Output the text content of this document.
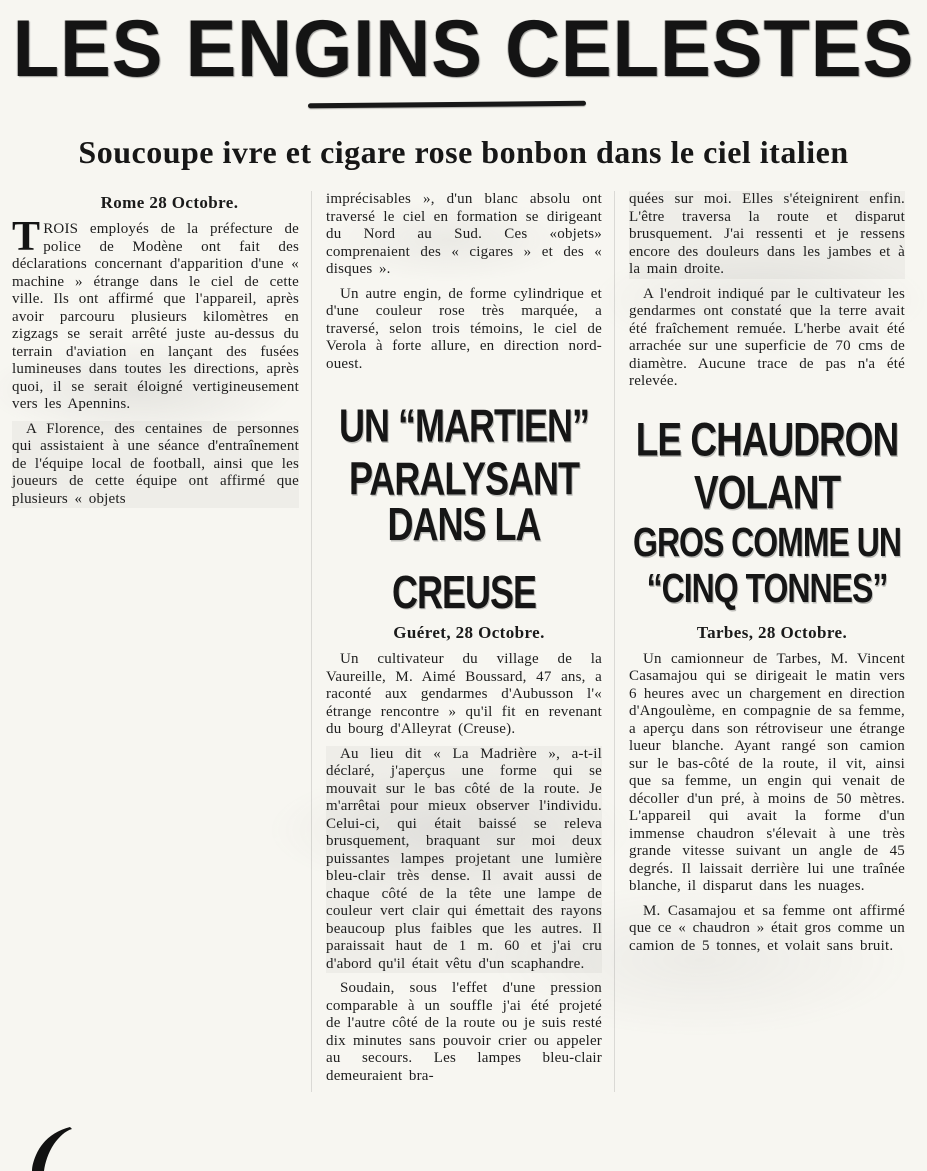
LES ENGINS CELESTES
Soucoupe ivre et cigare rose bonbon dans le ciel italien
Rome 28 Octobre.

TROIS employés de la préfecture de police de Modène ont fait des déclarations concernant d'apparition d'une « machine » étrange dans le ciel de cette ville. Ils ont affirmé que l'appareil, après avoir parcouru plusieurs kilomètres en zigzags se serait arrêté juste au-dessus du terrain d'aviation en lançant des fusées lumineuses dans toutes les directions, après quoi, il se serait éloigné vertigineusement vers les Apennins.

A Florence, des centaines de personnes qui assistaient à une séance d'entraînement de l'équipe local de football, ainsi que les joueurs de cette équipe ont affirmé que plusieurs « objets

imprécisables », d'un blanc absolu ont traversé le ciel en formation se dirigeant du Nord au Sud. Ces «objets» comprenaient des « cigares » et des « disques ».

Un autre engin, de forme cylindrique et d'une couleur rose très marquée, a traversé, selon trois témoins, le ciel de Verola à forte allure, en direction nord-ouest.

UN “MARTIEN”
PARALYSANT
DANS LA CREUSE
Guéret, 28 Octobre.

Un cultivateur du village de la Vaureille, M. Aimé Boussard, 47 ans, a raconté aux gendarmes d'Aubusson l'« étrange rencontre » qu'il fit en revenant du bourg d'Alleyrat (Creuse).

Au lieu dit « La Madrière », a-t-il déclaré, j'aperçus une forme qui se mouvait sur le bas côté de la route. Je m'arrêtai pour mieux observer l'individu. Celui-ci, qui était baissé se releva brusquement, braquant sur moi deux puissantes lampes projetant une lumière bleu-clair très dense. Il avait aussi de chaque côté de la tête une lampe de couleur vert clair qui émettait des rayons beaucoup plus faibles que les autres. Il paraissait haut de 1 m. 60 et j'ai cru d'abord qu'il était vêtu d'un scaphandre.

Soudain, sous l'effet d'une pression comparable à un souffle j'ai été projeté de l'autre côté de la route ou je suis resté dix minutes sans pouvoir crier ou appeler au secours. Les lampes bleu-clair demeuraient bra-

quées sur moi. Elles s'éteignirent enfin. L'être traversa la route et disparut brusquement. J'ai ressenti et je ressens encore des douleurs dans les jambes et à la main droite.

A l'endroit indiqué par le cultivateur les gendarmes ont constaté que la terre avait été fraîchement remuée. L'herbe avait été arrachée sur une superficie de 70 cms de diamètre. Aucune trace de pas n'a été relevée.

LE CHAUDRON
VOLANT
GROS COMME UN
“CINQ TONNES”
Tarbes, 28 Octobre.

Un camionneur de Tarbes, M. Vincent Casamajou qui se dirigeait le matin vers 6 heures avec un chargement en direction d'Angoulème, en compagnie de sa femme, a aperçu dans son rétroviseur une étrange lueur blanche. Ayant rangé son camion sur le bas-côté de la route, il vit, ainsi que sa femme, un engin qui venait de décoller d'un pré, à moins de 50 mètres. L'appareil qui avait la forme d'un immense chaudron s'élevait à une très grande vitesse suivant un angle de 45 degrés. Il laissait derrière lui une traînée blanche, il disparut dans les nuages.

M. Casamajou et sa femme ont affirmé que ce « chaudron » était gros comme un camion de 5 tonnes, et volait sans bruit.
